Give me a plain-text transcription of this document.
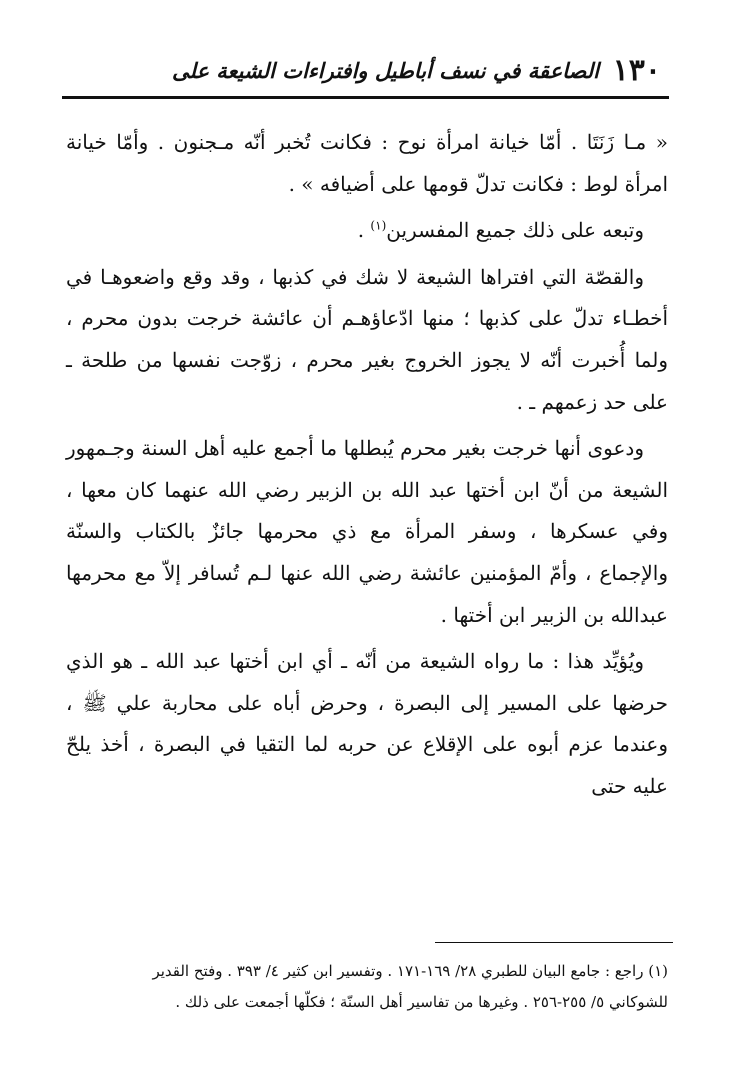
١٣٠
الصاعقة في نسف أباطيل وافتراءات الشيعة على

« مـا زَنَتَا . أمّا خيانة امرأة نوح : فكانت تُخبر أنّه مـجنون . وأمّا خيانة امرأة لوط : فكانت تدلّ قومها على أضيافه » .

وتبعه على ذلك جميع المفسرين$^{(١)}$ .

والقصّة التي افتراها الشيعة لا شك في كذبها ، وقد وقع واضعوهـا في أخطـاء تدلّ على كذبها ؛ منها ادّعاؤهـم أن عائشة خرجت بدون محرم ، ولما أُخبرت أنّه لا يجوز الخروج بغير محرم ، زوّجت نفسها من طلحة ـ على حد زعمهم ـ .

ودعوى أنها خرجت بغير محرم يُبطلها ما أجمع عليه أهل السنة وجـمهور الشيعة من أنّ ابن أختها عبد الله بن الزبير رضي الله عنهما كان معها ، وفي عسكرها ، وسفر المرأة مع ذي محرمها جائزٌ بالكتاب والسنّة والإجماع ، وأمّ المؤمنين عائشة رضي الله عنها لـم تُسافر إلاّ مع محرمها عبدالله بن الزبير ابن أختها .

ويُؤيِّد هذا : ما رواه الشيعة من أنّه ـ أي ابن أختها عبد الله ـ هو الذي حرضها على المسير إلى البصرة ، وحرض أباه على محاربة علي ﷺ ، وعندما عزم أبوه على الإقلاع عن حربه لما التقيا في البصرة ، أخذ يلحّ عليه حتى

(١) راجع : جامع البيان للطبري ٢٨/ ١٦٩-١٧١ . وتفسير ابن كثير ٤/ ٣٩٣ . وفتح القدير

للشوكاني ٥/ ٢٥٥-٢٥٦ . وغيرها من تفاسير أهل السنّة ؛ فكلّها أجمعت على ذلك .
